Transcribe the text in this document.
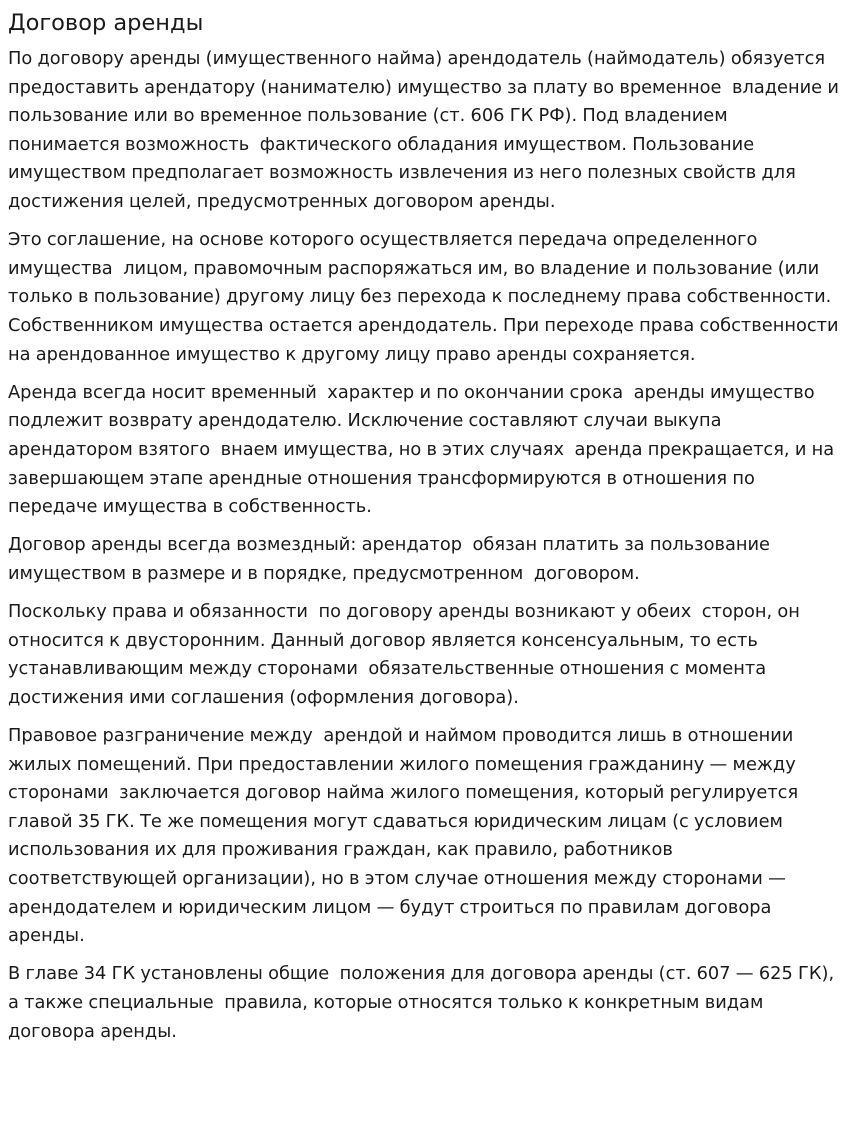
Договор аренды

По договору аренды (имущественного найма) арендодатель (наймодатель) обязуется  предоставить арендатору (нанимателю) имущество за плату во временное  владение и пользование или во временное пользование (ст. 606 ГК РФ). Под владением понимается возможность  фактического обладания имуществом. Пользование имуществом предполагает возможность извлечения из него полезных свойств для достижения целей, предусмотренных договором аренды.

Это соглашение, на основе которого осуществляется передача определенного имущества  лицом, правомочным распоряжаться им, во владение и пользование (или только в пользование) другому лицу без перехода к последнему права собственности. Собственником имущества остается арендодатель. При переходе права собственности на арендованное имущество к другому лицу право аренды сохраняется.

Аренда всегда носит временный  характер и по окончании срока  аренды имущество подлежит возврату арендодателю. Исключение составляют случаи выкупа арендатором взятого  внаем имущества, но в этих случаях  аренда прекращается, и на завершающем этапе арендные отношения трансформируются в отношения по передаче имущества в собственность.

Договор аренды всегда возмездный: арендатор  обязан платить за пользование имуществом в размере и в порядке, предусмотренном  договором.

Поскольку права и обязанности  по договору аренды возникают у обеих  сторон, он относится к двусторонним. Данный договор является консенсуальным, то есть устанавливающим между сторонами  обязательственные отношения с момента достижения ими соглашения (оформления договора).

Правовое разграничение между  арендой и наймом проводится лишь в отношении жилых помещений. При предоставлении жилого помещения гражданину — между сторонами  заключается договор найма жилого помещения, который регулируется главой 35 ГК. Те же помещения могут сдаваться юридическим лицам (с условием использования их для проживания граждан, как правило, работников соответствующей организации), но в этом случае отношения между сторонами — арендодателем и юридическим лицом — будут строиться по правилам договора аренды.

В главе 34 ГК установлены общие  положения для договора аренды (ст. 607 — 625 ГК), а также специальные  правила, которые относятся только к конкретным видам договора аренды.
